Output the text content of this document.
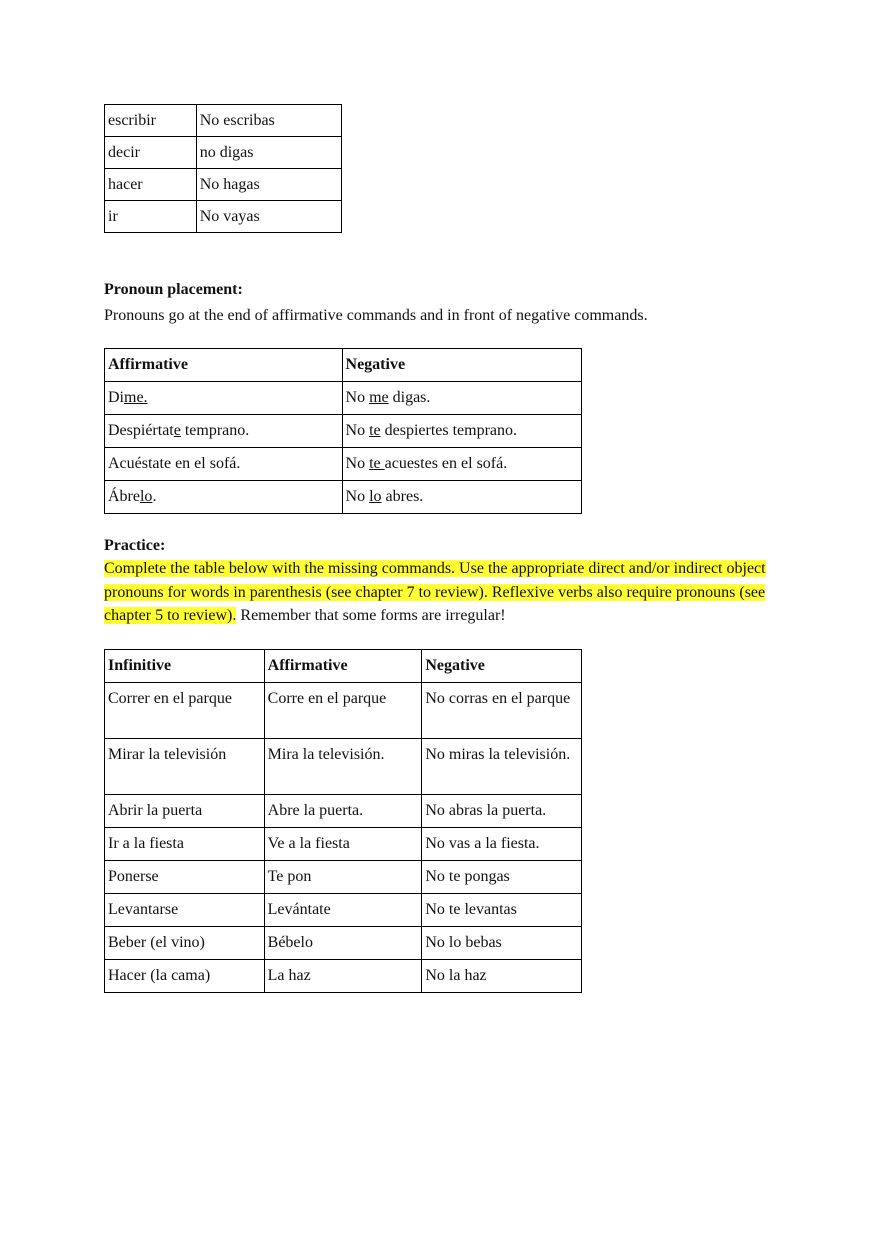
escribir	No escribas
decir	no digas
hacer	No hagas
ir	No vayas
Pronoun placement:
Pronouns go at the end of affirmative commands and in front of negative commands.
Affirmative	Negative
Dime.	No me digas.
Despiértate temprano.	No te despiertes temprano.
Acuéstate en el sofá.	No te acuestes en el sofá.
Ábrelo.	No lo abres.
Practice:
Complete the table below with the missing commands. Use the appropriate direct and/or indirect object pronouns for words in parenthesis (see chapter 7 to review). Reflexive verbs also require pronouns (see chapter 5 to review). Remember that some forms are irregular!
Infinitive	Affirmative	Negative
Correr en el parque	Corre en el parque	No corras en el parque
Mirar la televisión	Mira la televisión.	No miras la televisión.
Abrir la puerta	Abre la puerta.	No abras la puerta.
Ir a la fiesta	Ve a la fiesta	No vas a la fiesta.
Ponerse	Te pon	No te pongas
Levantarse	Levántate	No te levantas
Beber (el vino)	Bébelo	No lo bebas
Hacer (la cama)	La haz	No la haz
